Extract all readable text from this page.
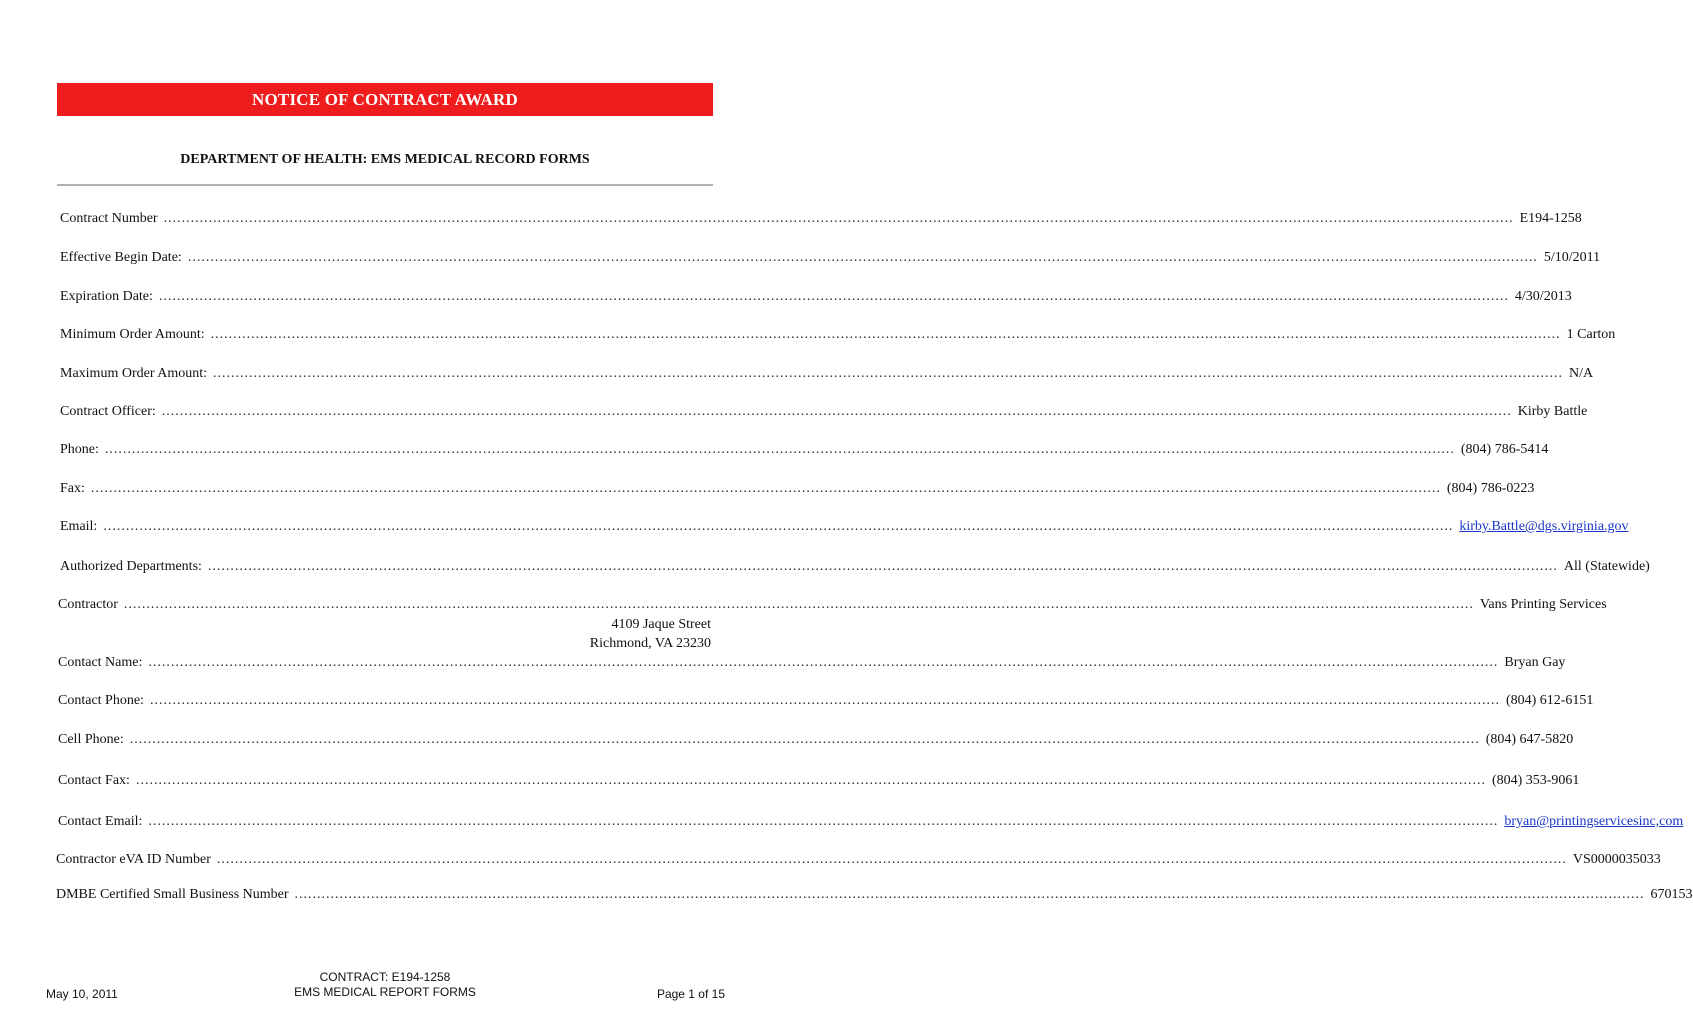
NOTICE OF CONTRACT AWARD
DEPARTMENT OF HEALTH: EMS MEDICAL RECORD FORMS
Contract Number ............................................................................................................................................................................................................................................................................................................ E194-1258
Effective Begin Date: ............................................................................................................................................................................................................................................................................................................ 5/10/2011
Expiration Date: ............................................................................................................................................................................................................................................................................................................ 4/30/2013
Minimum Order Amount: ............................................................................................................................................................................................................................................................................................................ 1 Carton
Maximum Order Amount: ............................................................................................................................................................................................................................................................................................................ N/A
Contract Officer: ............................................................................................................................................................................................................................................................................................................ Kirby Battle
Phone: ............................................................................................................................................................................................................................................................................................................ (804) 786-5414
Fax: ............................................................................................................................................................................................................................................................................................................ (804) 786-0223
Email: ............................................................................................................................................................................................................................................................................................................ kirby.Battle@dgs.virginia.gov
Authorized Departments: ............................................................................................................................................................................................................................................................................................................ All (Statewide)
Contractor ............................................................................................................................................................................................................................................................................................................ Vans Printing Services
4109 Jaque Street
Richmond, VA 23230
Contact Name: ............................................................................................................................................................................................................................................................................................................ Bryan Gay
Contact Phone: ............................................................................................................................................................................................................................................................................................................ (804) 612-6151
Cell Phone: ............................................................................................................................................................................................................................................................................................................ (804) 647-5820
Contact Fax: ............................................................................................................................................................................................................................................................................................................ (804) 353-9061
Contact Email: ............................................................................................................................................................................................................................................................................................................ bryan@printingservicesinc,com
Contractor eVA ID Number ............................................................................................................................................................................................................................................................................................................ VS0000035033
DMBE Certified Small Business Number ............................................................................................................................................................................................................................................................................................................ 670153
May 10, 2011
CONTRACT: E194-1258
EMS MEDICAL REPORT FORMS	Page 1 of 15
